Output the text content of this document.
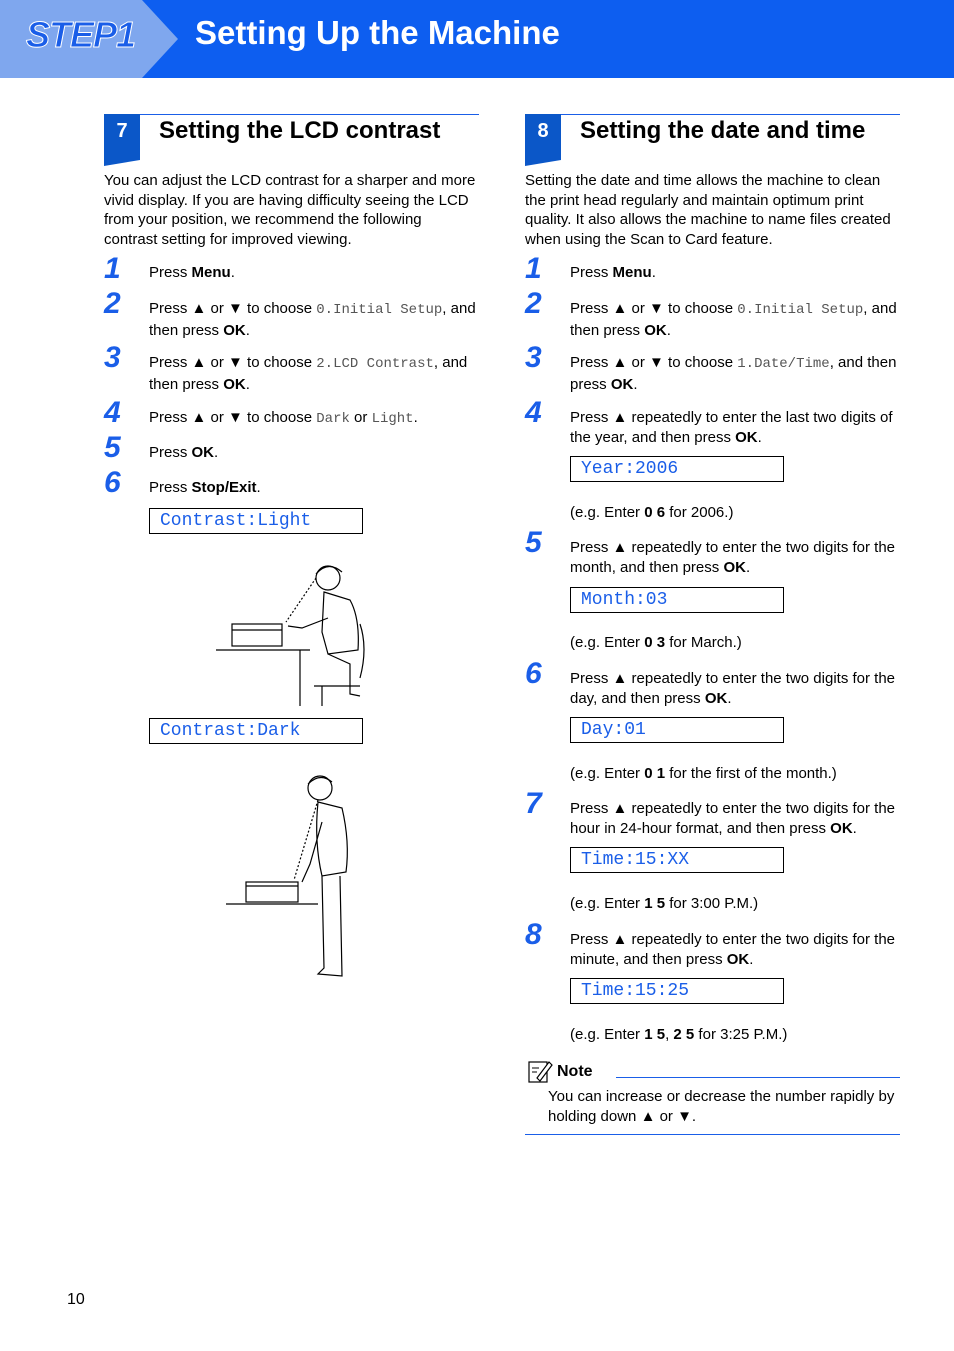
STEP1 Setting Up the Machine
7	Setting the LCD contrast
You can adjust the LCD contrast for a sharper and more vivid display. If you are having difficulty seeing the LCD from your position, we recommend the following contrast setting for improved viewing.
1 Press Menu.
2 Press ▲ or ▼ to choose 0.Initial Setup, and then press OK.
3 Press ▲ or ▼ to choose 2.LCD Contrast, and then press OK.
4 Press ▲ or ▼ to choose Dark or Light.
5 Press OK.
6 Press Stop/Exit.
Contrast:Light
Contrast:Dark
8	Setting the date and time
Setting the date and time allows the machine to clean the print head regularly and maintain optimum print quality. It also allows the machine to name files created when using the Scan to Card feature.
1 Press Menu.
2 Press ▲ or ▼ to choose 0.Initial Setup, and then press OK.
3 Press ▲ or ▼ to choose 1.Date/Time, and then press OK.
4 Press ▲ repeatedly to enter the last two digits of the year, and then press OK.
Year:2006
(e.g. Enter 0 6 for 2006.)
5 Press ▲ repeatedly to enter the two digits for the month, and then press OK.
Month:03
(e.g. Enter 0 3 for March.)
6 Press ▲ repeatedly to enter the two digits for the day, and then press OK.
Day:01
(e.g. Enter 0 1 for the first of the month.)
7 Press ▲ repeatedly to enter the two digits for the hour in 24-hour format, and then press OK.
Time:15:XX
(e.g. Enter 1 5 for 3:00 P.M.)
8 Press ▲ repeatedly to enter the two digits for the minute, and then press OK.
Time:15:25
(e.g. Enter 1 5, 2 5 for 3:25 P.M.)
Note
You can increase or decrease the number rapidly by holding down ▲ or ▼.
10
